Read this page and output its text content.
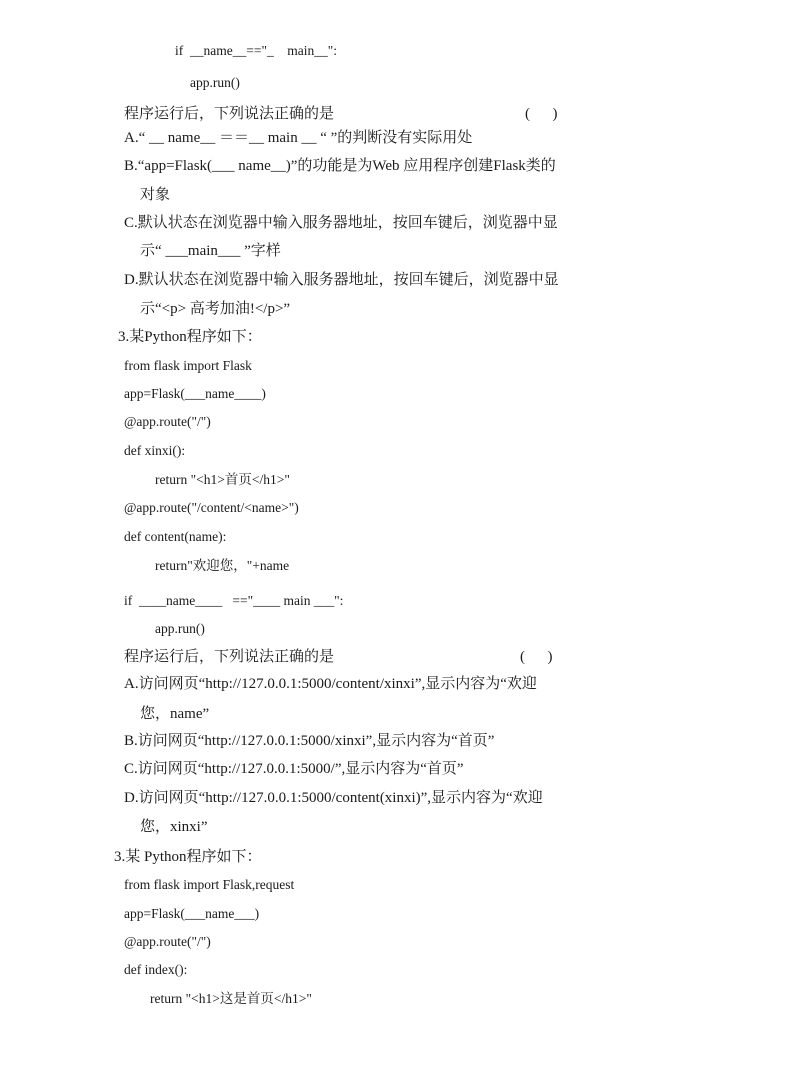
if  __name__=="_    main__":
app.run()
程序运行后，下列说法正确的是	(      )
A.“ __ name__ ＝＝__ main __ “ ”的判断没有实际用处
B.“app=Flask(___ name__)”的功能是为Web 应用程序创建Flask类的
对象
C.默认状态在浏览器中输入服务器地址，按回车键后，浏览器中显
示“ ___main___ ”字样
D.默认状态在浏览器中输入服务器地址，按回车键后，浏览器中显
示“<p> 高考加油!</p>”
3.某Python程序如下：
from flask import Flask
app=Flask(___name____)
@app.route("/")
def xinxi():
return "<h1>首页</h1>"
@app.route("/content/<name>")
def content(name):
return"欢迎您，"+name
if  ____name____   =="____ main ___":
app.run()
程序运行后，下列说法正确的是	(      )
A.访问网页“http://127.0.0.1:5000/content/xinxi”,显示内容为“欢迎
您，name”
B.访问网页“http://127.0.0.1:5000/xinxi”,显示内容为“首页”
C.访问网页“http://127.0.0.1:5000/”,显示内容为“首页”
D.访问网页“http://127.0.0.1:5000/content(xinxi)”,显示内容为“欢迎
您，xinxi”
3.某 Python程序如下：
from flask import Flask,request
app=Flask(___name___)
@app.route("/")
def index():
return "<h1>这是首页</h1>"
